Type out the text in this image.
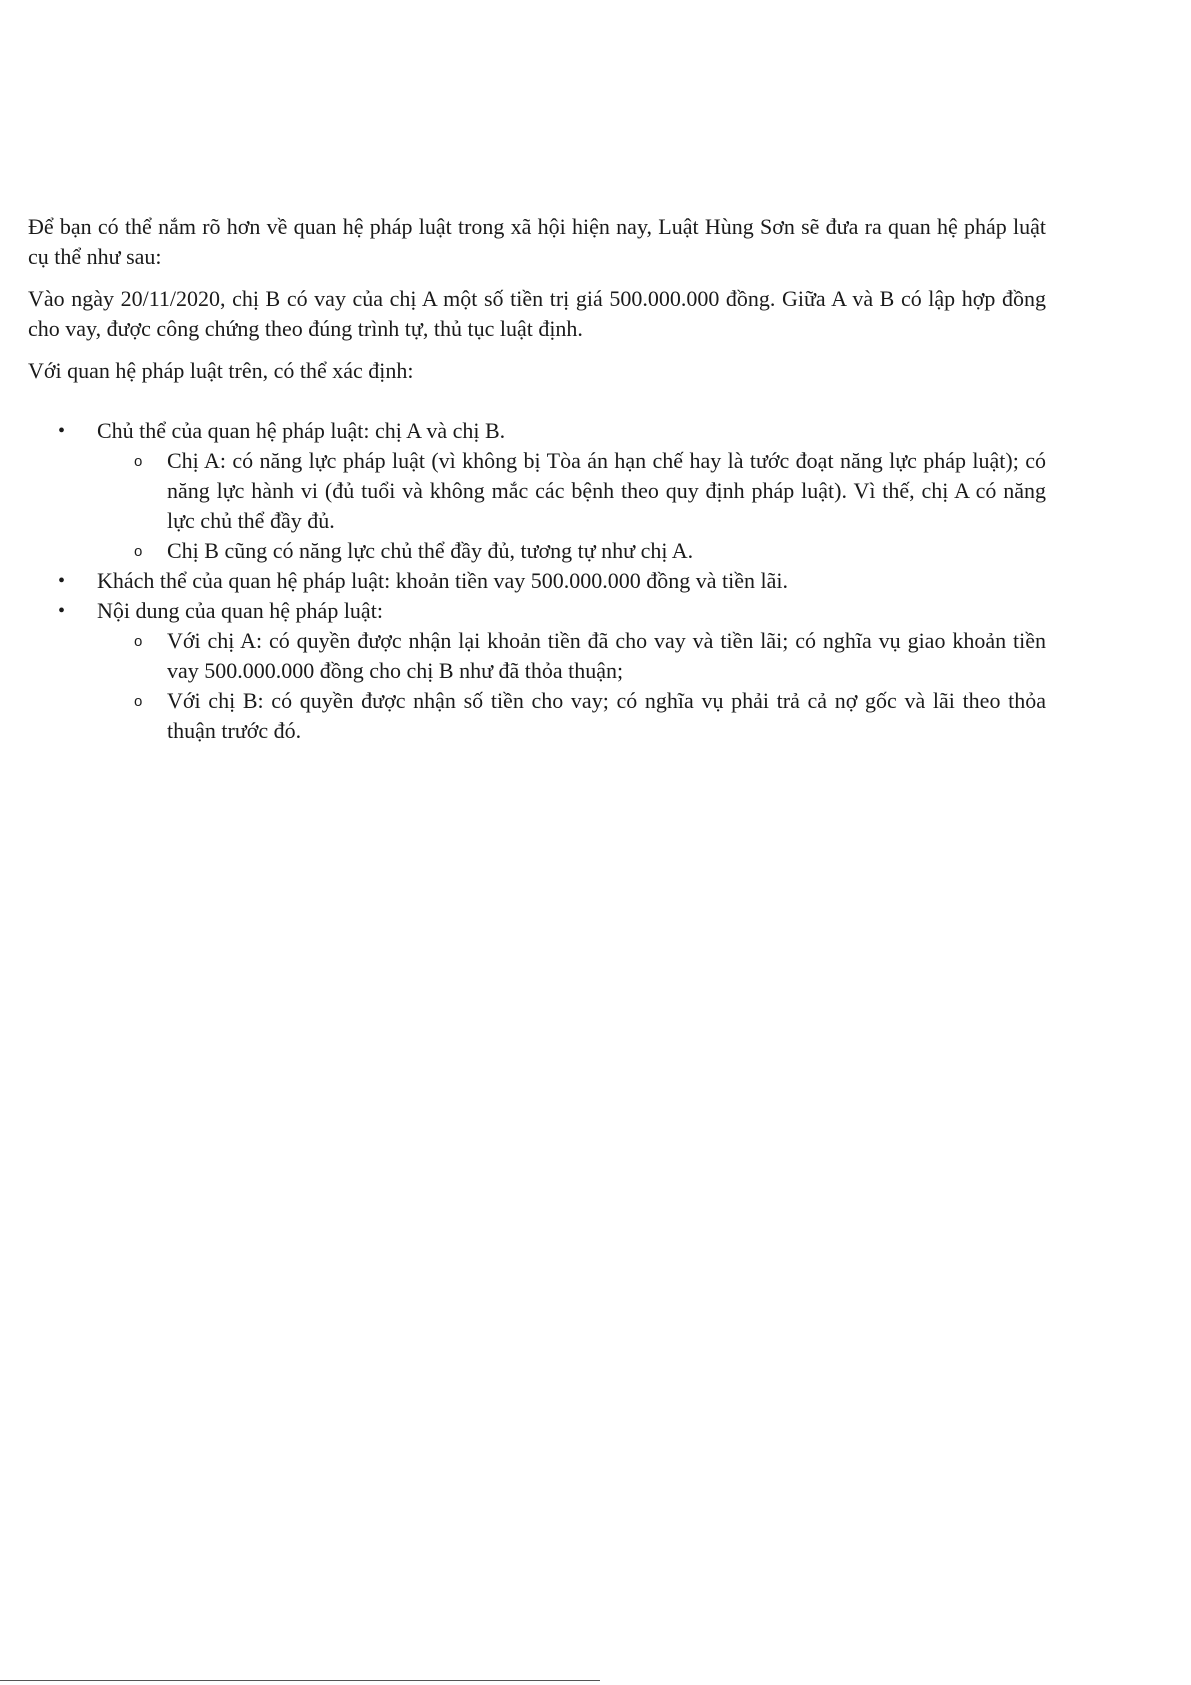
Để bạn có thể nắm rõ hơn về quan hệ pháp luật trong xã hội hiện nay, Luật Hùng Sơn sẽ đưa ra quan hệ pháp luật cụ thể như sau:

Vào ngày 20/11/2020, chị B có vay của chị A một số tiền trị giá 500.000.000 đồng. Giữa A và B có lập hợp đồng cho vay, được công chứng theo đúng trình tự, thủ tục luật định.

Với quan hệ pháp luật trên, có thể xác định:

• Chủ thể của quan hệ pháp luật: chị A và chị B.
o Chị A: có năng lực pháp luật (vì không bị Tòa án hạn chế hay là tước đoạt năng lực pháp luật); có năng lực hành vi (đủ tuổi và không mắc các bệnh theo quy định pháp luật). Vì thế, chị A có năng lực chủ thể đầy đủ.
o Chị B cũng có năng lực chủ thể đầy đủ, tương tự như chị A.
• Khách thể của quan hệ pháp luật: khoản tiền vay 500.000.000 đồng và tiền lãi.
• Nội dung của quan hệ pháp luật:
o Với chị A: có quyền được nhận lại khoản tiền đã cho vay và tiền lãi; có nghĩa vụ giao khoản tiền vay 500.000.000 đồng cho chị B như đã thỏa thuận;
o Với chị B: có quyền được nhận số tiền cho vay; có nghĩa vụ phải trả cả nợ gốc và lãi theo thỏa thuận trước đó.
